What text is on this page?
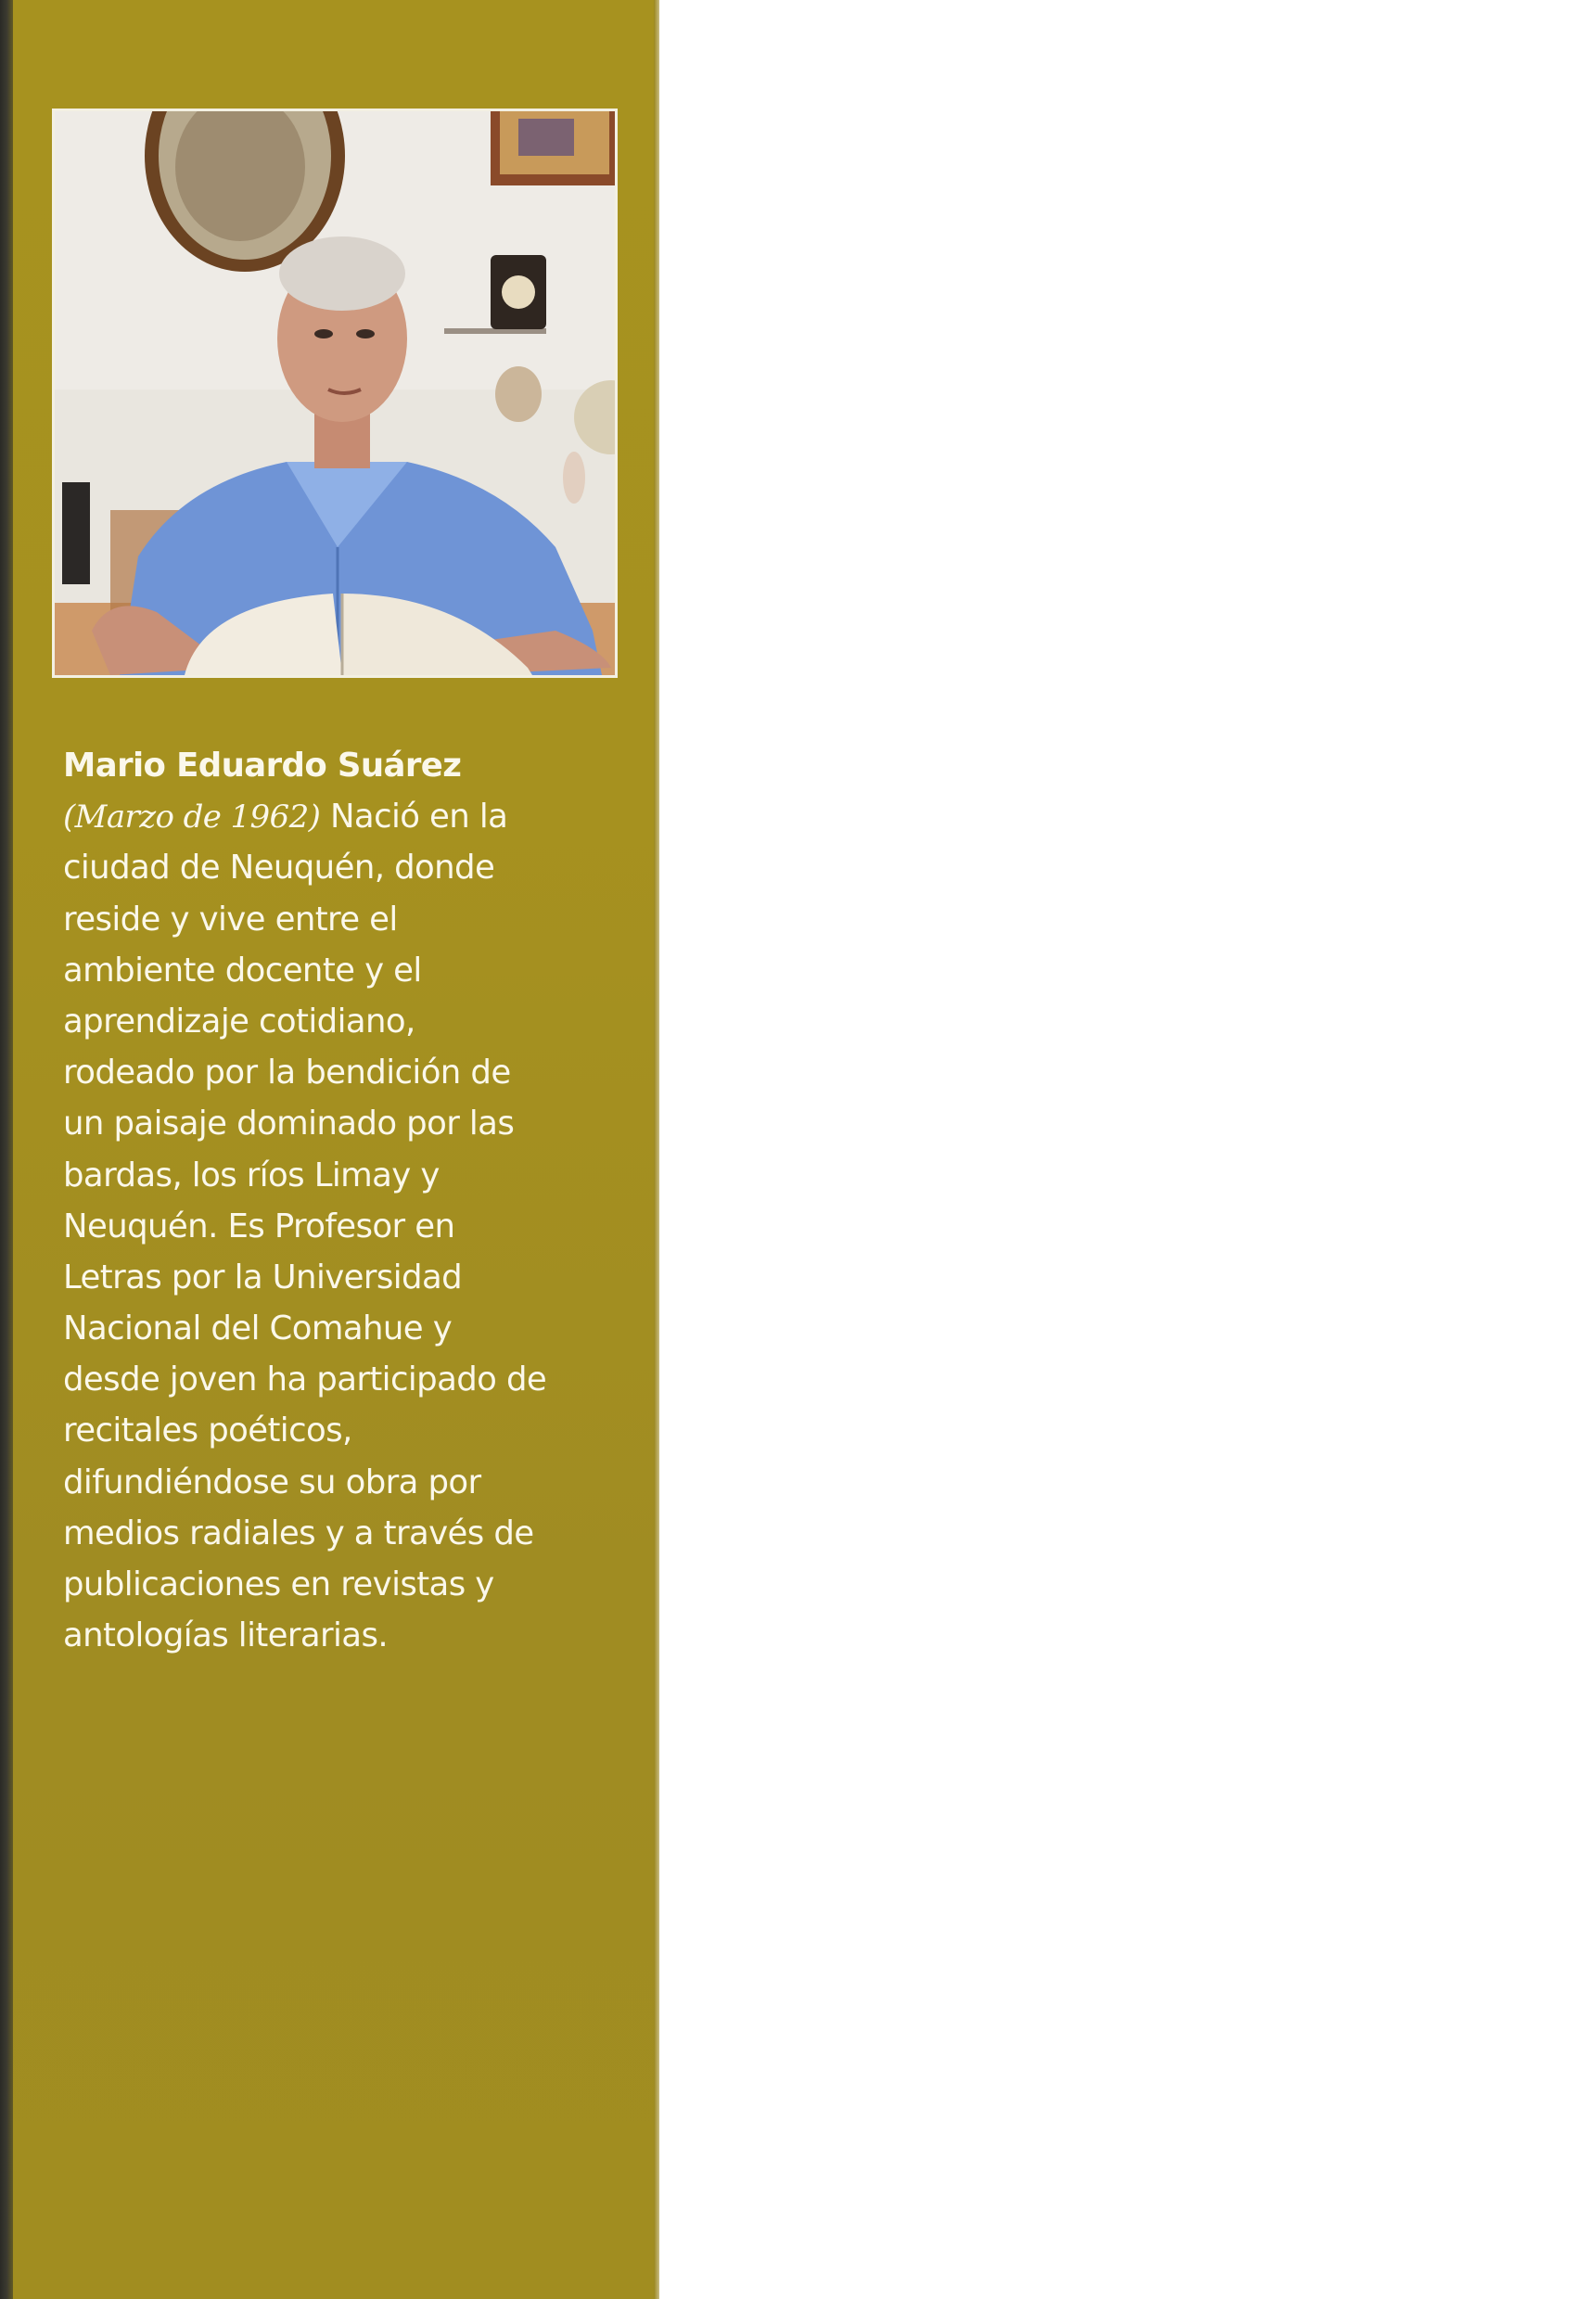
Mario Eduardo Suárez
(Marzo de 1962) Nació en la
ciudad de Neuquén, donde
reside y vive entre el
ambiente docente y el
aprendizaje cotidiano,
rodeado por la bendición de
un paisaje dominado por las
bardas, los ríos Limay y
Neuquén. Es Profesor en
Letras por la Universidad
Nacional del Comahue y
desde joven ha participado de
recitales poéticos,
difundiéndose su obra por
medios radiales y a través de
publicaciones en revistas y
antologías literarias.
